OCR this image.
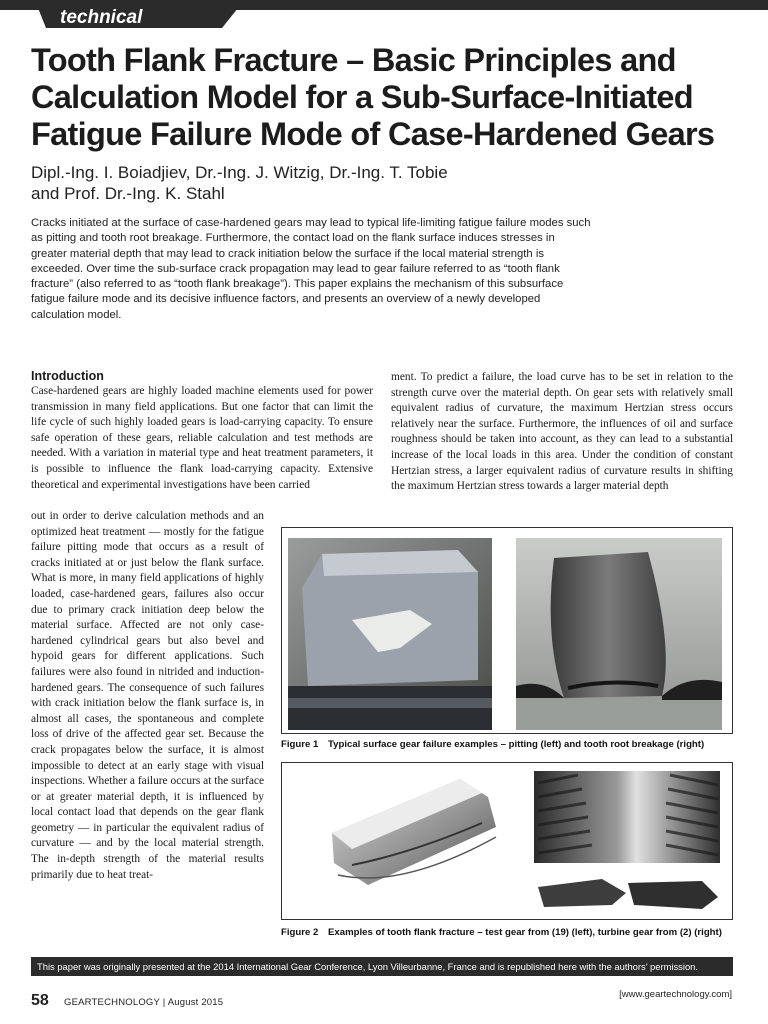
technical
Tooth Flank Fracture – Basic Principles and Calculation Model for a Sub-Surface-Initiated Fatigue Failure Mode of Case-Hardened Gears
Dipl.-Ing. I. Boiadjiev, Dr.-Ing. J. Witzig, Dr.-Ing. T. Tobie
and Prof. Dr.-Ing. K. Stahl

Cracks initiated at the surface of case-hardened gears may lead to typical life-limiting fatigue failure modes such as pitting and tooth root breakage. Furthermore, the contact load on the flank surface induces stresses in greater material depth that may lead to crack initiation below the surface if the local material strength is exceeded. Over time the sub-surface crack propagation may lead to gear failure referred to as “tooth flank fracture” (also referred to as “tooth flank breakage”). This paper explains the mechanism of this subsurface fatigue failure mode and its decisive influence factors, and presents an overview of a newly developed calculation model.

Introduction

Case-hardened gears are highly loaded machine elements used for power transmission in many field applications. But one factor that can limit the life cycle of such highly loaded gears is load-carrying capacity. To ensure safe operation of these gears, reliable calculation and test methods are needed. With a variation in material type and heat treatment parameters, it is possible to influence the flank load-carrying capacity. Extensive theoretical and experimental investigations have been carried

out in order to derive calculation methods and an optimized heat treatment — mostly for the fatigue failure pitting mode that occurs as a result of cracks initiated at or just below the flank surface. What is more, in many field applications of highly loaded, case-hardened gears, failures also occur due to primary crack initiation deep below the material surface. Affected are not only case-hardened cylindrical gears but also bevel and hypoid gears for different applications. Such failures were also found in nitrided and induction-hardened gears. The consequence of such failures with crack initiation below the flank surface is, in almost all cases, the spontaneous and complete loss of drive of the affected gear set. Because the crack propagates below the surface, it is almost impossible to detect at an early stage with visual inspections. Whether a failure occurs at the surface or at greater material depth, it is influenced by local contact load that depends on the gear flank geometry — in particular the equivalent radius of curvature — and by the local material strength. The in-depth strength of the material results primarily due to heat treat-

ment. To predict a failure, the load curve has to be set in relation to the strength curve over the material depth. On gear sets with relatively small equivalent radius of curvature, the maximum Hertzian stress occurs relatively near the surface. Furthermore, the influences of oil and surface roughness should be taken into account, as they can lead to a substantial increase of the local loads in this area. Under the condition of constant Hertzian stress, a larger equivalent radius of curvature results in shifting the maximum Hertzian stress towards a larger material depth

Figure 1 Typical surface gear failure examples – pitting (left) and tooth root breakage (right)
Figure 2 Examples of tooth flank fracture – test gear from (19) (left), turbine gear from (2) (right)
This paper was originally presented at the 2014 International Gear Conference, Lyon Villeurbanne, France and is republished here with the authors’ permission.
58 GEARTECHNOLOGY | August 2015
[www.geartechnology.com]
